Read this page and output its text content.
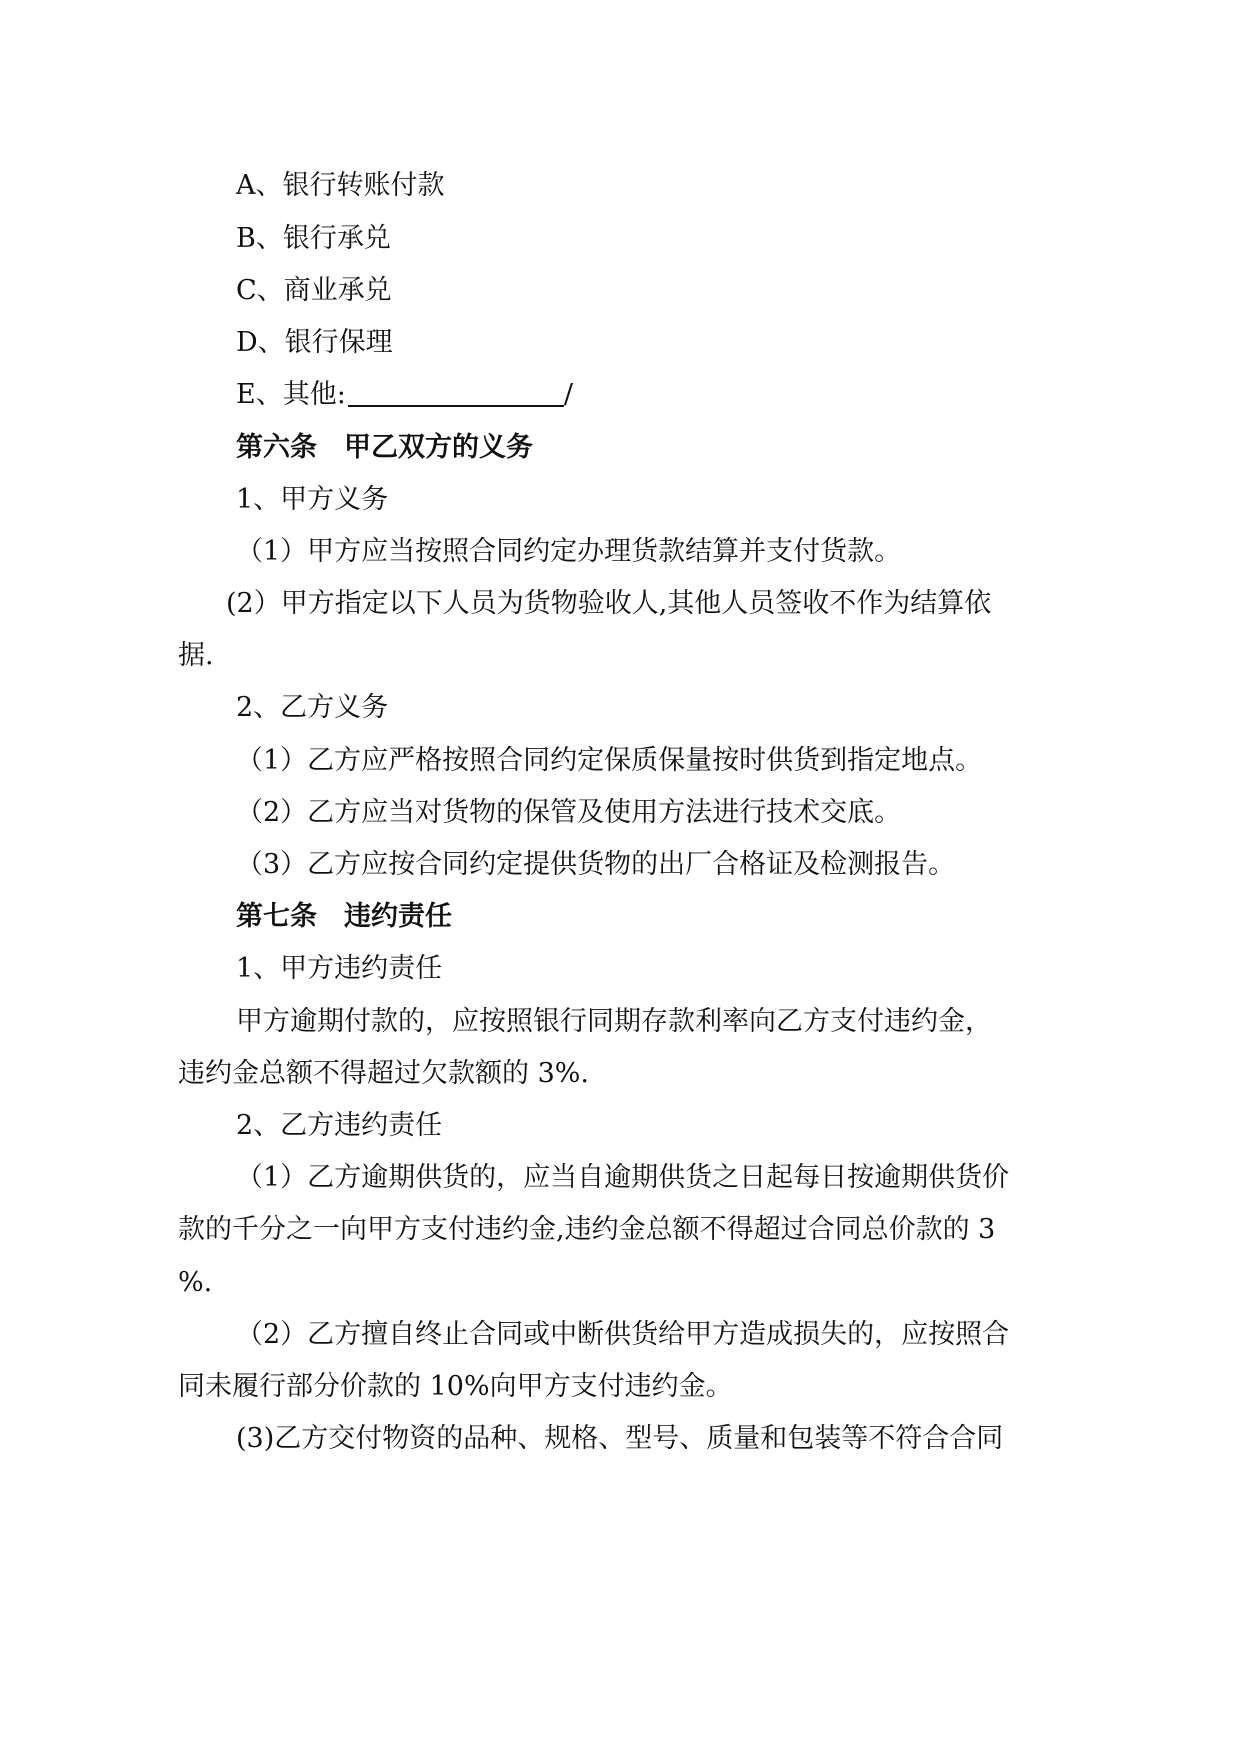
A、银行转账付款
B、银行承兑
C、商业承兑
D、银行保理
E、其他:	/
第六条　甲乙双方的义务
1、甲方义务
（1）甲方应当按照合同约定办理货款结算并支付货款。
(2）甲方指定以下人员为货物验收人,其他人员签收不作为结算依
据.
2、乙方义务
（1）乙方应严格按照合同约定保质保量按时供货到指定地点。
（2）乙方应当对货物的保管及使用方法进行技术交底。
（3）乙方应按合同约定提供货物的出厂合格证及检测报告。
第七条　违约责任
1、甲方违约责任
甲方逾期付款的，应按照银行同期存款利率向乙方支付违约金，
违约金总额不得超过欠款额的 3%.
2、乙方违约责任
（1）乙方逾期供货的，应当自逾期供货之日起每日按逾期供货价
款的千分之一向甲方支付违约金,违约金总额不得超过合同总价款的 3
%.
（2）乙方擅自终止合同或中断供货给甲方造成损失的，应按照合
同未履行部分价款的 10%向甲方支付违约金。
(3)乙方交付物资的品种、规格、型号、质量和包装等不符合合同
